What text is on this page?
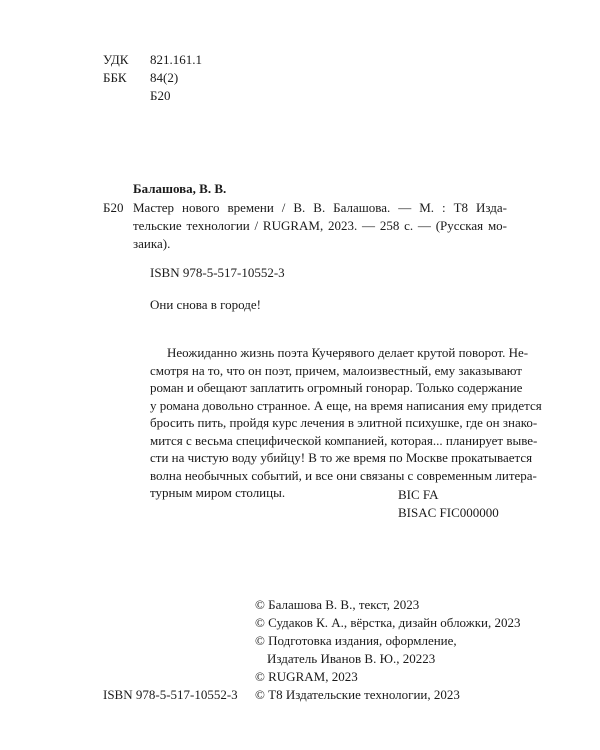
УДК 821.161.1
ББК 84(2)
Б20
Балашова, В. В.
Б20 Мастер нового времени / В. В. Балашова. — М. : Т8 Изда-
тельские технологии / RUGRAM, 2023. — 258 с. — (Русская мо-
заика).
ISBN 978-5-517-10552-3
Они снова в городе!
Неожиданно жизнь поэта Кучерявого делает крутой поворот. Не-
смотря на то, что он поэт, причем, малоизвестный, ему заказывают
роман и обещают заплатить огромный гонорар. Только содержание
у романа довольно странное. А еще, на время написания ему придется
бросить пить, пройдя курс лечения в элитной психушке, где он знако-
мится с весьма специфической компанией, которая... планирует выве-
сти на чистую воду убийцу! В то же время по Москве прокатывается
волна необычных событий, и все они связаны с современным литера-
турным миром столицы.	BIC FA
BISAC FIC000000
© Балашова В. В., текст, 2023
© Судаков К. А., вёрстка, дизайн обложки, 2023
© Подготовка издания, оформление,
Издатель Иванов В. Ю., 20223
© RUGRAM, 2023
ISBN 978-5-517-10552-3 © Т8 Издательские технологии, 2023
